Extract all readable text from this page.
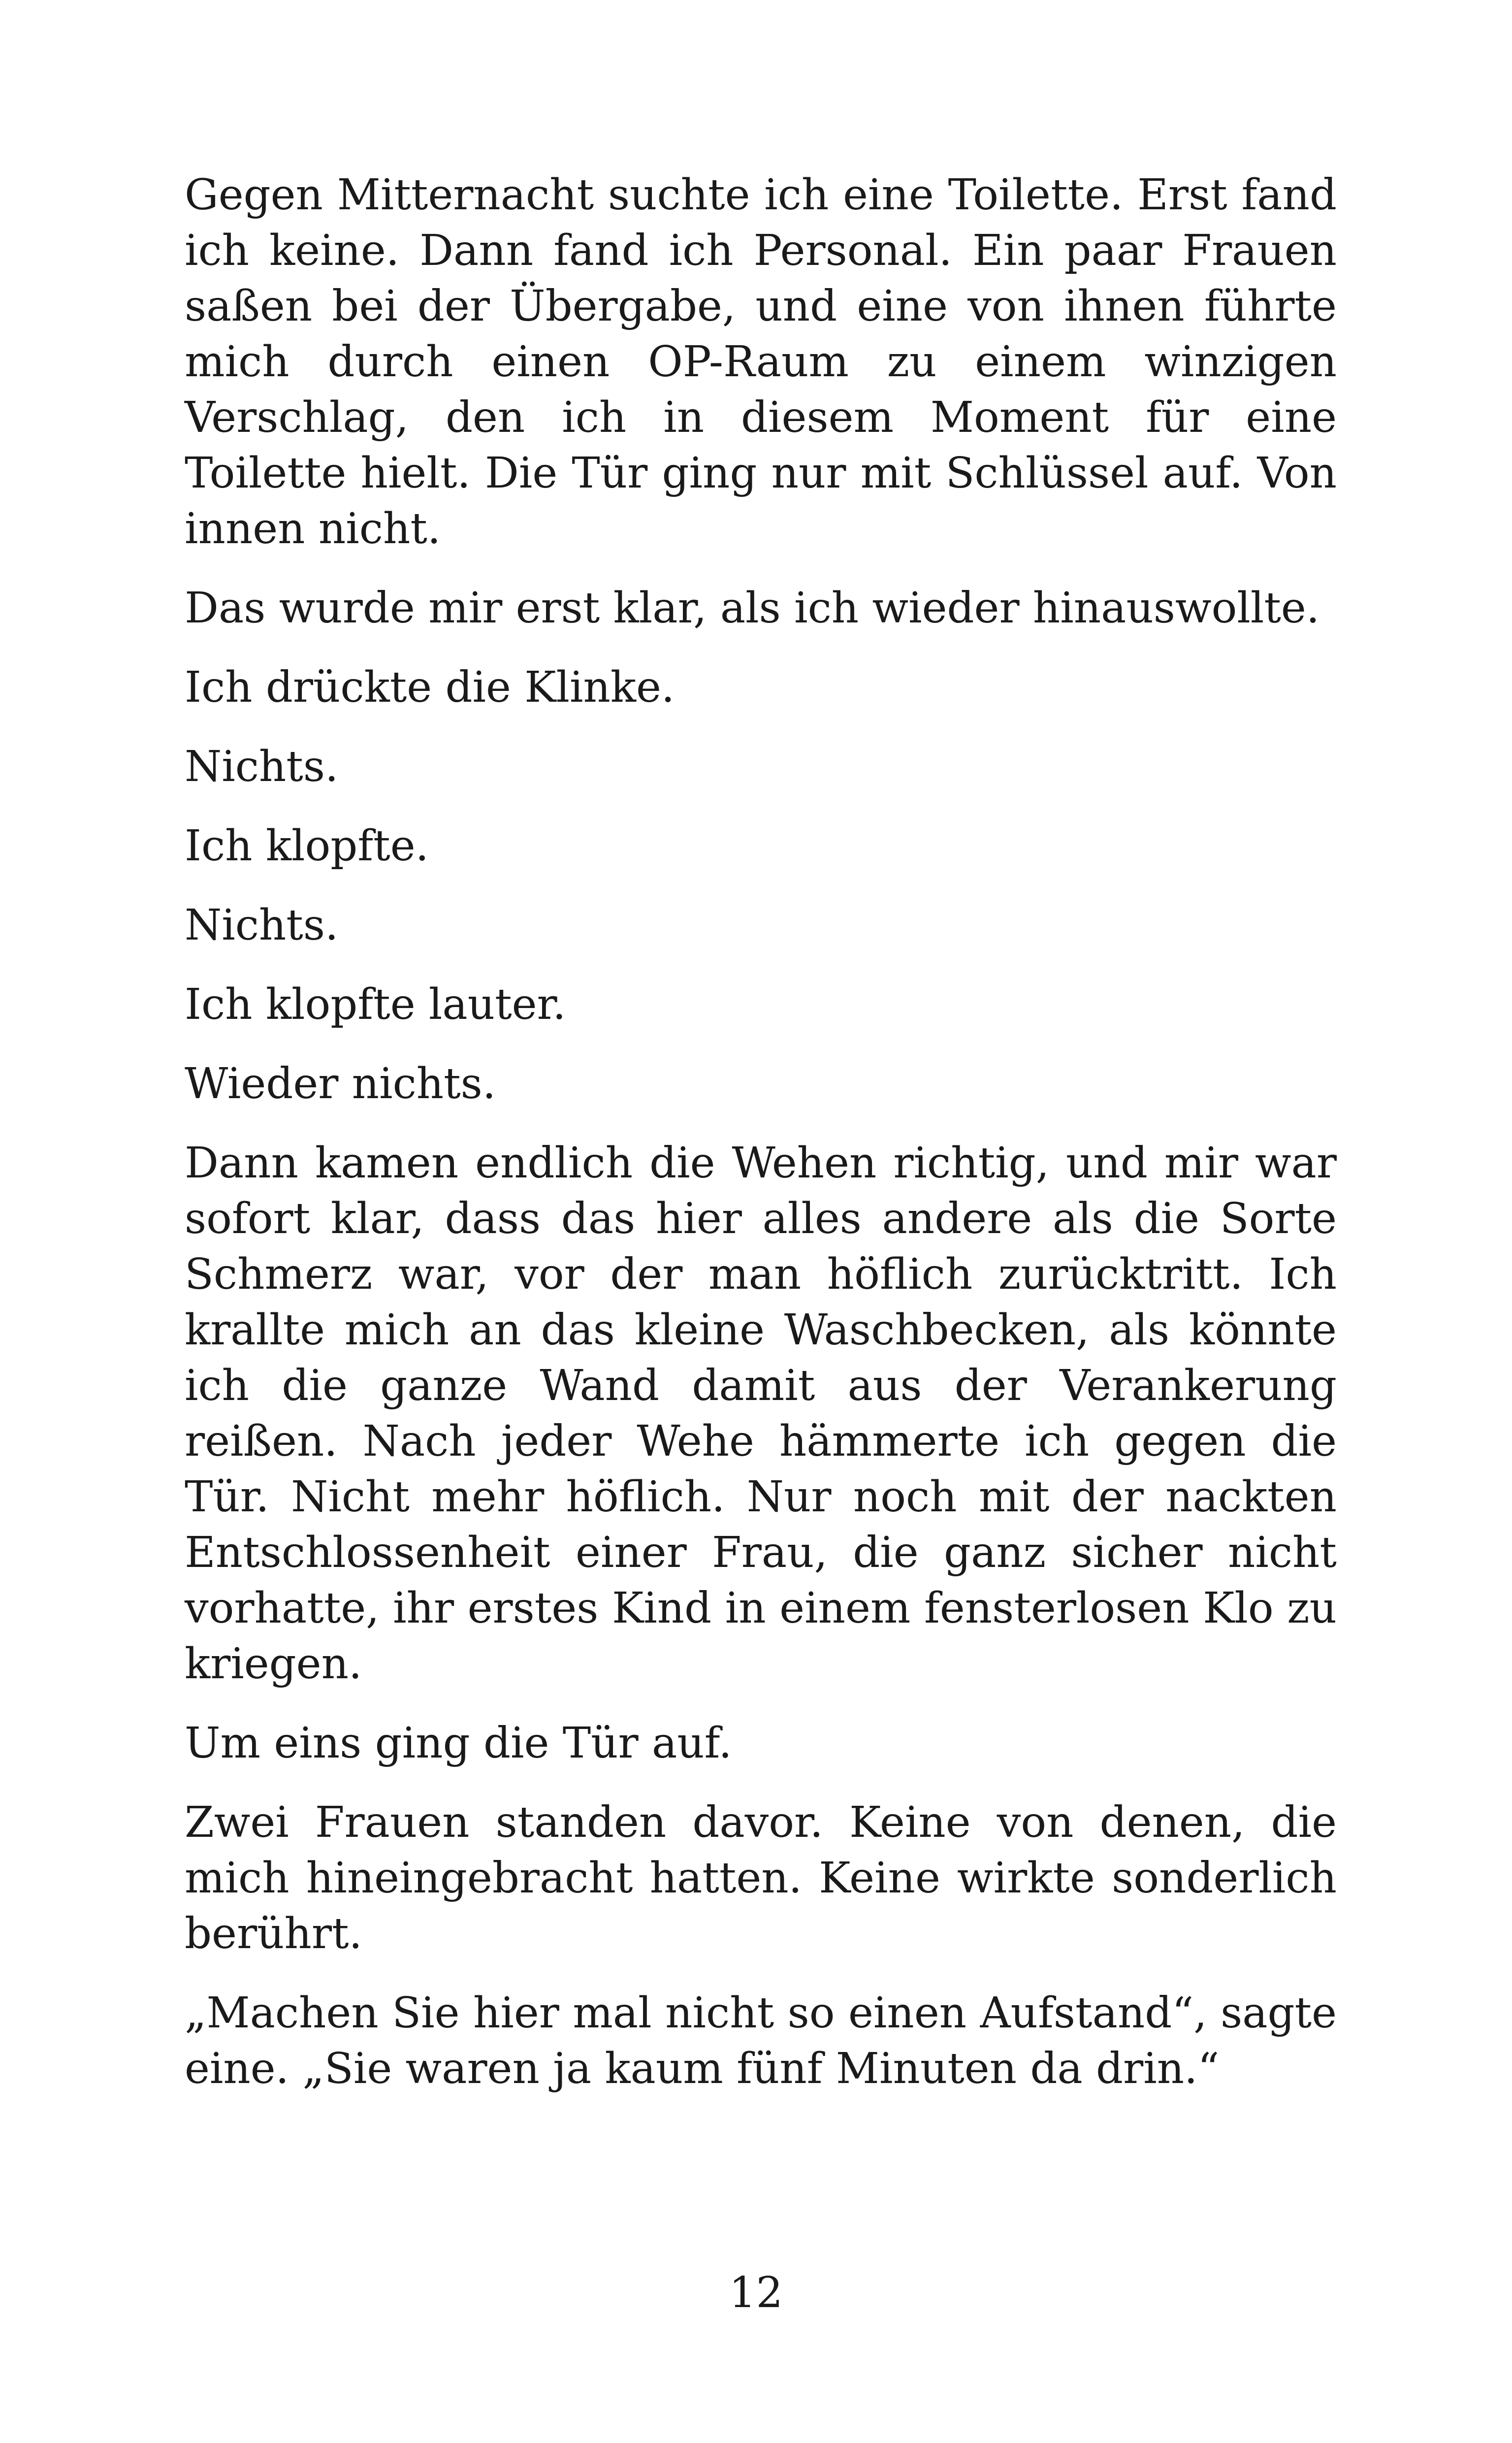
Gegen Mitternacht suchte ich eine Toilette. Erst fand ich keine. Dann fand ich Personal. Ein paar Frauen saßen bei der Übergabe, und eine von ihnen führte mich durch einen OP-Raum zu einem winzigen Verschlag, den ich in diesem Moment für eine Toilette hielt. Die Tür ging nur mit Schlüssel auf. Von innen nicht.

Das wurde mir erst klar, als ich wieder hinauswollte.

Ich drückte die Klinke.

Nichts.

Ich klopfte.

Nichts.

Ich klopfte lauter.

Wieder nichts.

Dann kamen endlich die Wehen richtig, und mir war sofort klar, dass das hier alles andere als die Sorte Schmerz war, vor der man höflich zurücktritt. Ich krallte mich an das kleine Waschbecken, als könnte ich die ganze Wand damit aus der Verankerung reißen. Nach jeder Wehe hämmerte ich gegen die Tür. Nicht mehr höflich. Nur noch mit der nackten Entschlossenheit einer Frau, die ganz sicher nicht vorhatte, ihr erstes Kind in einem fensterlosen Klo zu kriegen.

Um eins ging die Tür auf.

Zwei Frauen standen davor. Keine von denen, die mich hineingebracht hatten. Keine wirkte sonderlich berührt.

„Machen Sie hier mal nicht so einen Aufstand“, sagte eine. „Sie waren ja kaum fünf Minuten da drin.“

12
